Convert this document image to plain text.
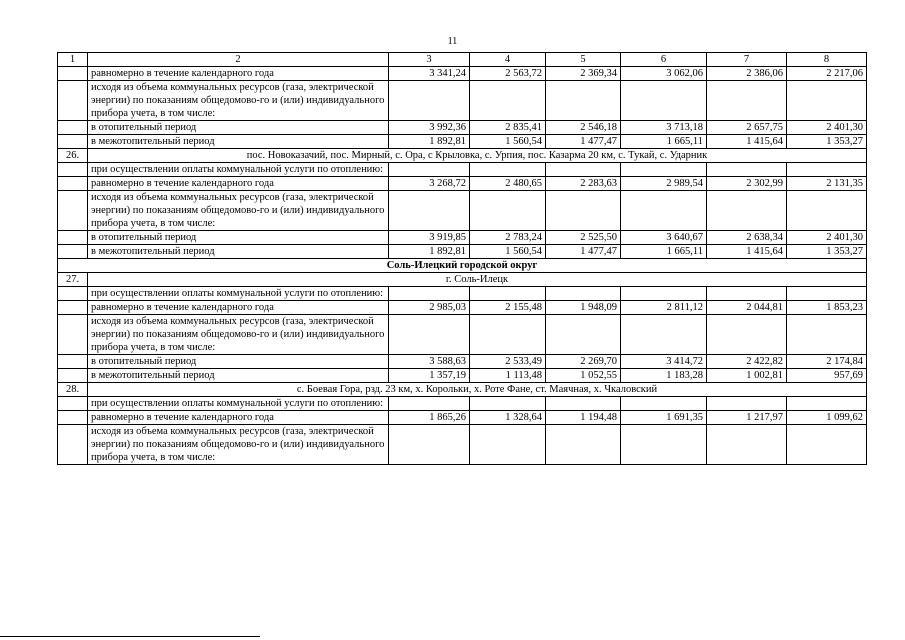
11
1	2	3	4	5	6	7	8
	равномерно в течение календарного года	3 341,24	2 563,72	2 369,34	3 062,06	2 386,06	2 217,06
	исходя из объема коммунальных ресурсов (газа, электрической энергии) по показаниям общедомово-го и (или) индивидуального прибора учета, в том числе:						
	в отопительный период	3 992,36	2 835,41	2 546,18	3 713,18	2 657,75	2 401,30
	в межотопительный период	1 892,81	1 560,54	1 477,47	1 665,11	1 415,64	1 353,27
26.	пос. Новоказачий, пос. Мирный, с. Ора, с Крыловка, с. Урпия, пос. Казарма 20 км, с. Тукай, с. Ударник						
	при осуществлении оплаты коммунальной услуги по отоплению:						
	равномерно в течение календарного года	3 268,72	2 480,65	2 283,63	2 989,54	2 302,99	2 131,35
	исходя из объема коммунальных ресурсов (газа, электрической энергии) по показаниям общедомово-го и (или) индивидуального прибора учета, в том числе:						
	в отопительный период	3 919,85	2 783,24	2 525,50	3 640,67	2 638,34	2 401,30
	в межотопительный период	1 892,81	1 560,54	1 477,47	1 665,11	1 415,64	1 353,27
Соль-Илецкий городской округ							
27.	г. Соль-Илецк						
	при осуществлении оплаты коммунальной услуги по отоплению:						
	равномерно в течение календарного года	2 985,03	2 155,48	1 948,09	2 811,12	2 044,81	1 853,23
	исходя из объема коммунальных ресурсов (газа, электрической энергии) по показаниям общедомово-го и (или) индивидуального прибора учета, в том числе:						
	в отопительный период	3 588,63	2 533,49	2 269,70	3 414,72	2 422,82	2 174,84
	в межотопительный период	1 357,19	1 113,48	1 052,55	1 183,28	1 002,81	957,69
28.	с. Боевая Гора, рзд. 23 км, х. Корольки, х. Роте Фане, ст. Маячная, х. Чкаловский						
	при осуществлении оплаты коммунальной услуги по отоплению:						
	равномерно в течение календарного года	1 865,26	1 328,64	1 194,48	1 691,35	1 217,97	1 099,62
	исходя из объема коммунальных ресурсов (газа, электрической энергии) по показаниям общедомово-го и (или) индивидуального прибора учета, в том числе:						
